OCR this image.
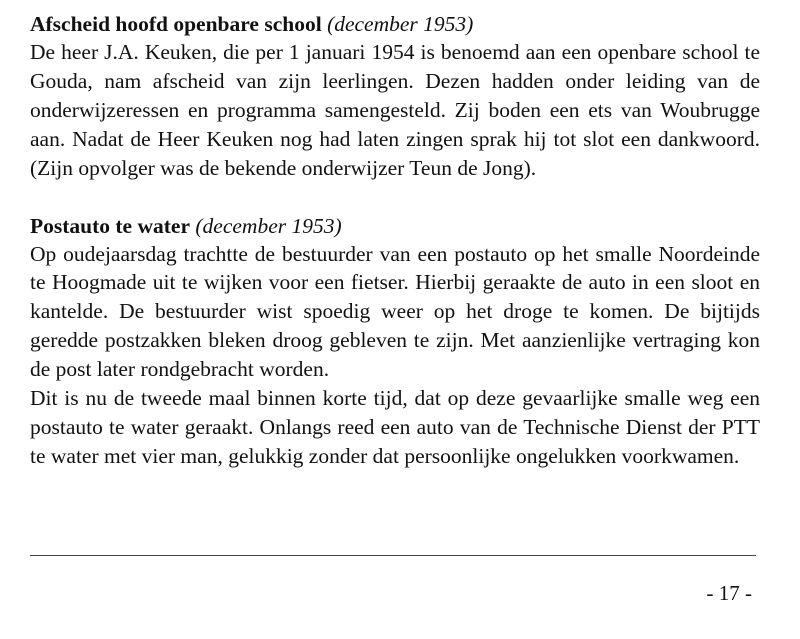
Afscheid hoofd openbare school (december 1953)

De heer J.A. Keuken, die per 1 januari 1954 is benoemd aan een openbare school te Gouda, nam afscheid van zijn leerlingen. Dezen hadden onder leiding van de onderwijzeressen en programma samengesteld. Zij boden een ets van Woubrugge aan. Nadat de Heer Keuken nog had laten zingen sprak hij tot slot een dankwoord. (Zijn opvolger was de bekende onderwijzer Teun de Jong).

Postauto te water (december 1953)

Op oudejaarsdag trachtte de bestuurder van een postauto op het smalle Noordeinde te Hoogmade uit te wijken voor een fietser. Hierbij geraakte de auto in een sloot en kantelde. De bestuurder wist spoedig weer op het droge te komen. De bijtijds geredde postzakken bleken droog gebleven te zijn. Met aanzienlijke vertraging kon de post later rondgebracht worden.

Dit is nu de tweede maal binnen korte tijd, dat op deze gevaarlijke smalle weg een postauto te water geraakt. Onlangs reed een auto van de Technische Dienst der PTT te water met vier man, gelukkig zonder dat persoonlijke ongelukken voorkwamen.

- 17 -
